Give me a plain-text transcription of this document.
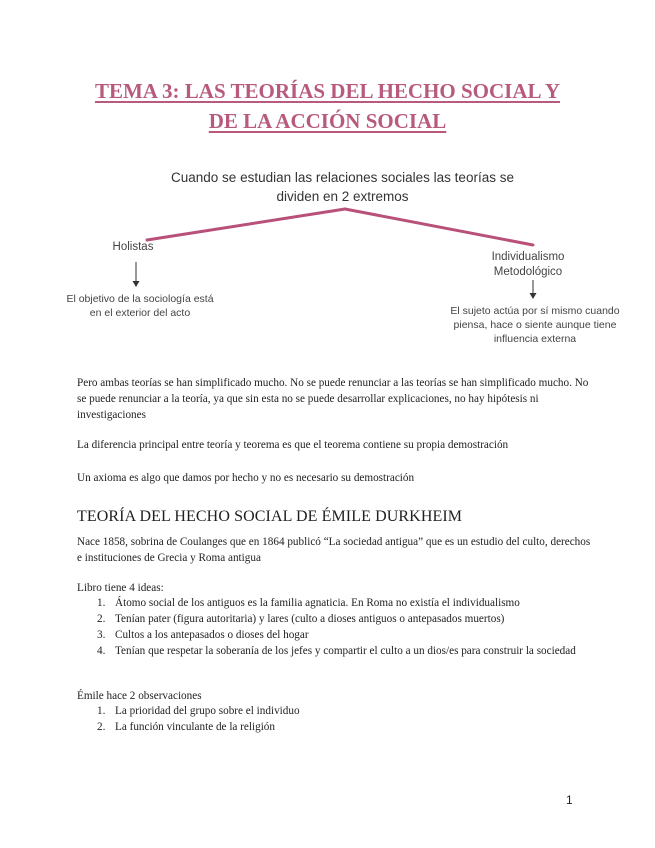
TEMA 3: LAS TEORÍAS DEL HECHO SOCIAL Y
DE LA ACCIÓN SOCIAL
Cuando se estudian las relaciones sociales las teorías se
dividen en 2 extremos
Holistas
Individualismo
Metodológico
El objetivo de la sociología está
en el exterior del acto	El sujeto actúa por sí mismo cuando
piensa, hace o siente aunque tiene
influencia externa

Pero ambas teorías se han simplificado mucho. No se puede renunciar a las teorías se han simplificado mucho. No se puede renunciar a la teoría, ya que sin esta no se puede desarrollar explicaciones, no hay hipótesis ni investigaciones

La diferencia principal entre teoría y teorema es que el teorema contiene su propia demostración

Un axioma es algo que damos por hecho y no es necesario su demostración

TEORÍA DEL HECHO SOCIAL DE ÉMILE DURKHEIM

Nace 1858, sobrina de Coulanges que en 1864 publicó “La sociedad antigua” que es un estudio del culto, derechos e instituciones de Grecia y Roma antigua

Libro tiene 4 ideas:

1. Átomo social de los antiguos es la familia agnaticia. En Roma no existía el individualismo
2. Tenían pater (figura autoritaria) y lares (culto a dioses antiguos o antepasados muertos)
3. Cultos a los antepasados o dioses del hogar
4. Tenían que respetar la soberanía de los jefes y compartir el culto a un dios/es para construir la sociedad

Émile hace 2 observaciones

1. La prioridad del grupo sobre el individuo
2. La función vinculante de la religión
1
